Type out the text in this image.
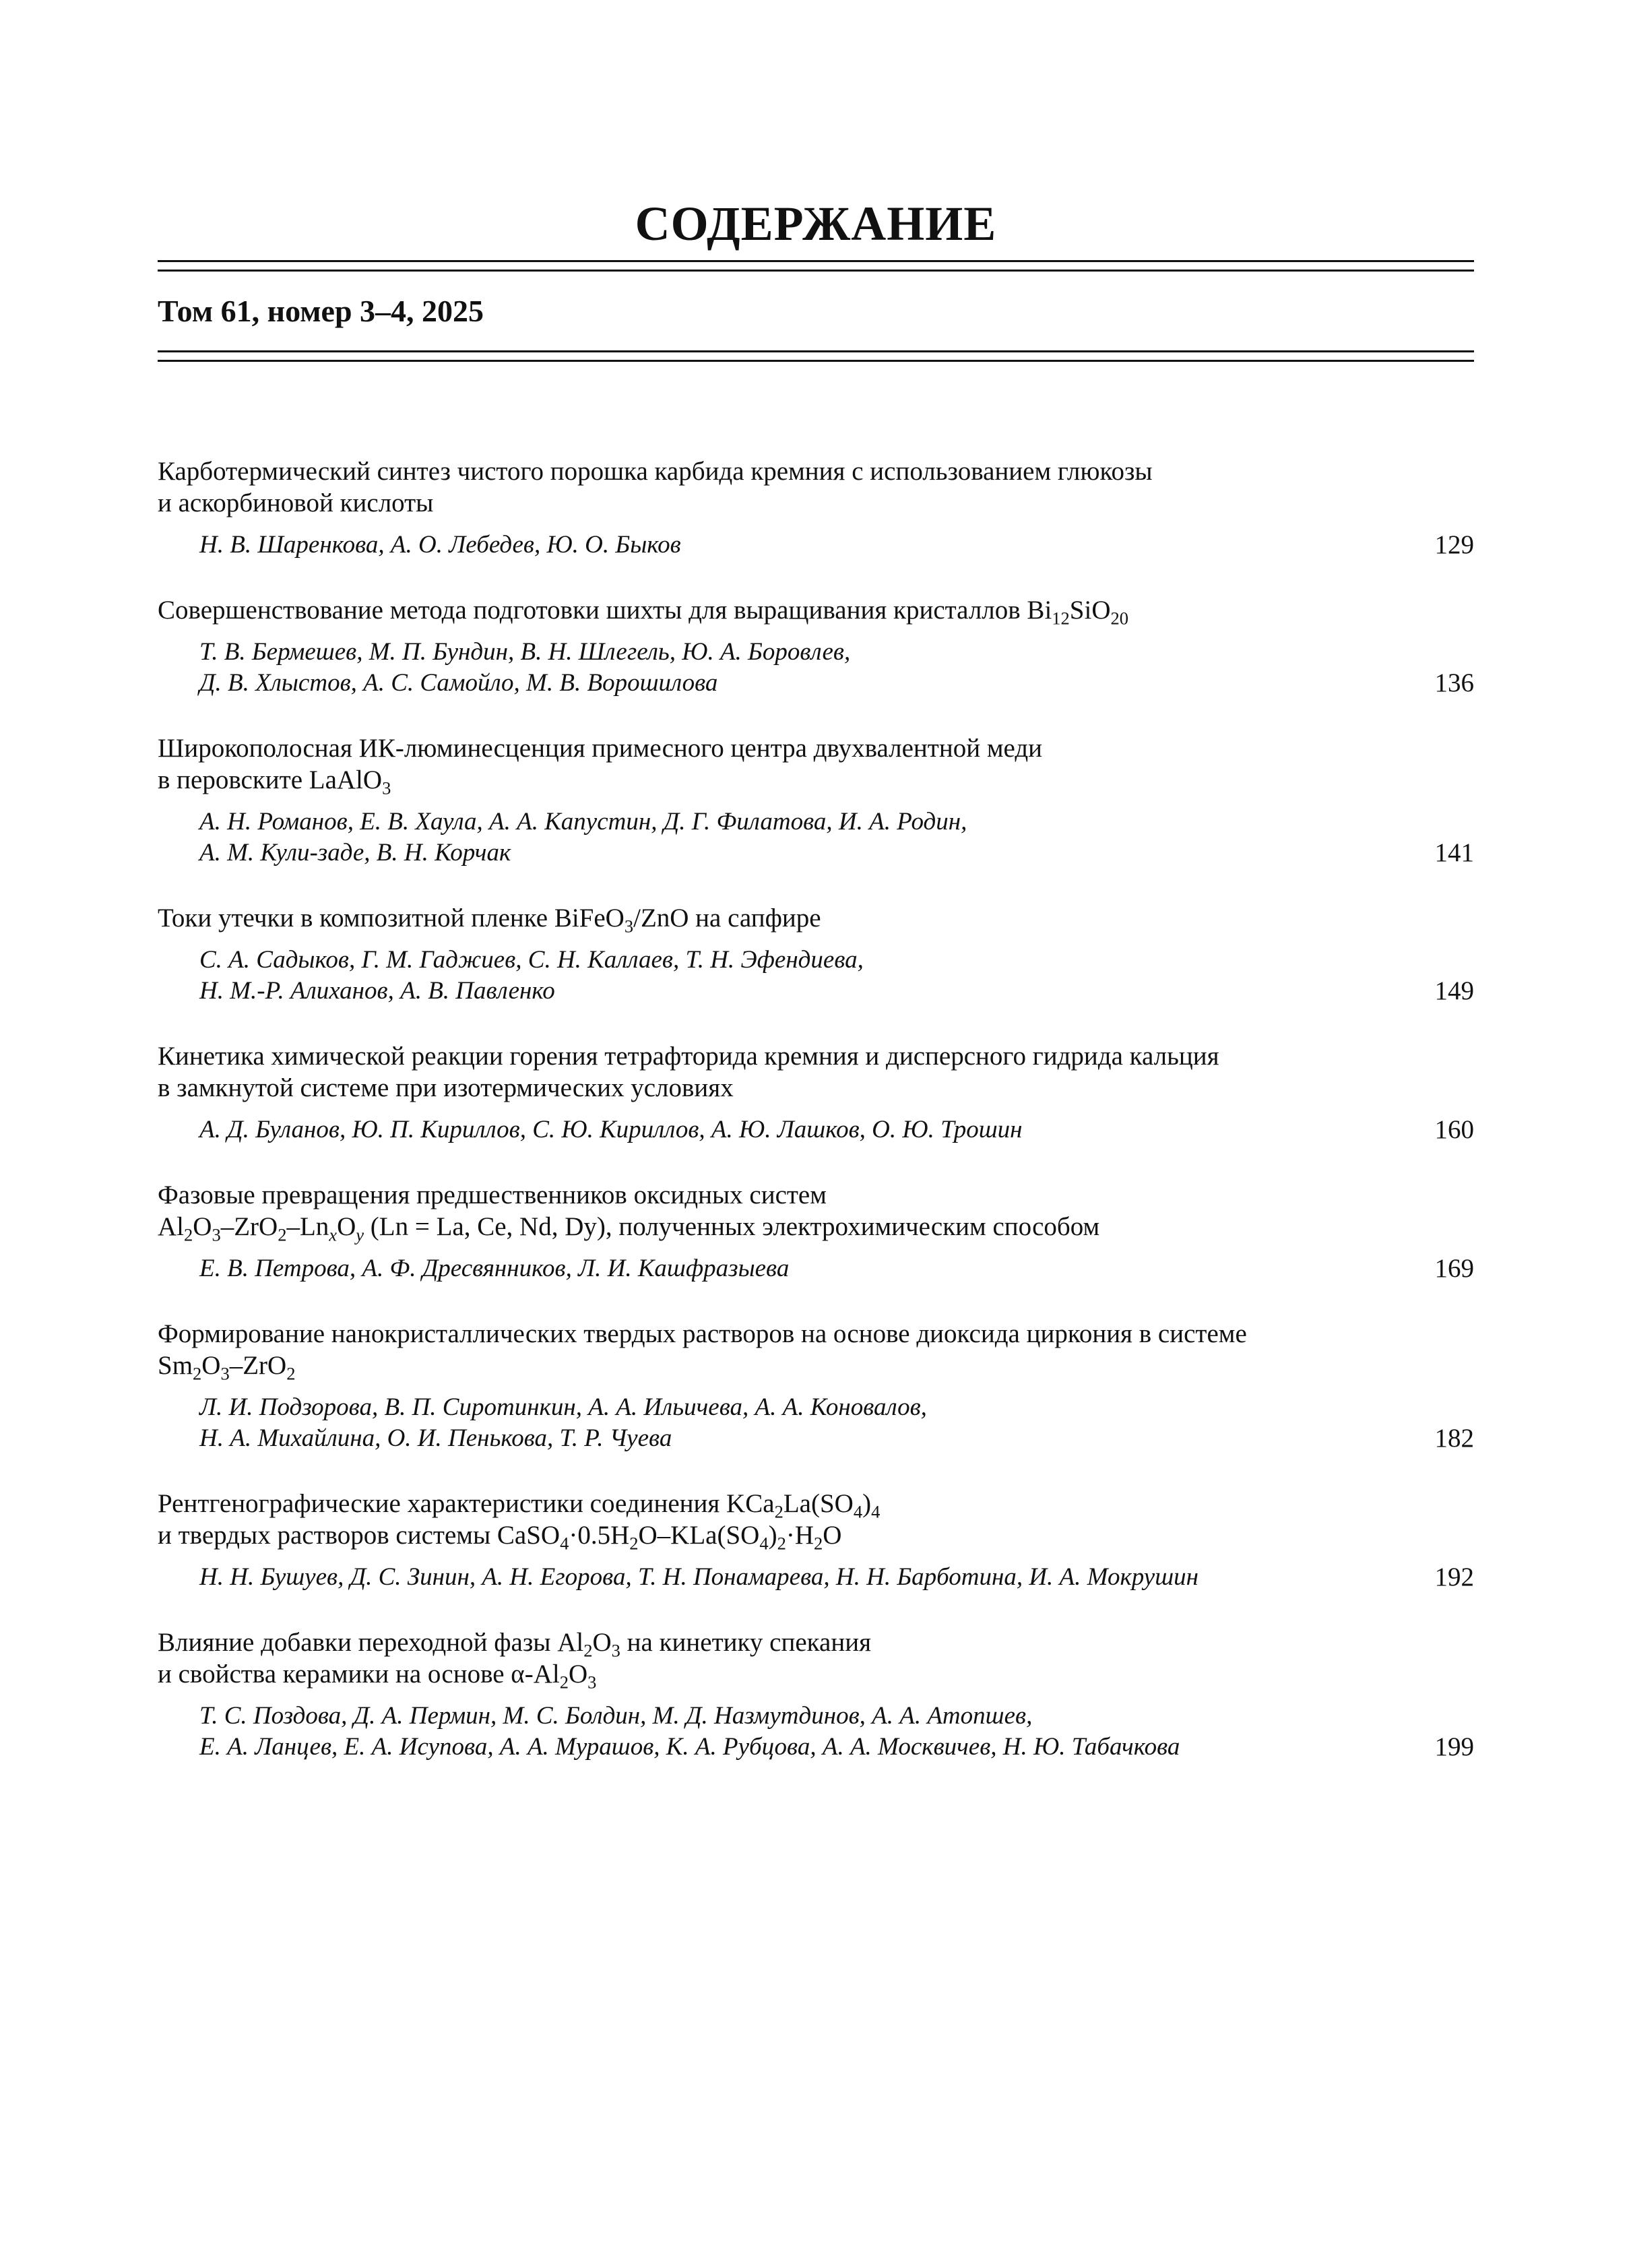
СОДЕРЖАНИЕ
Том 61, номер 3–4, 2025
Карботермический синтез чистого порошка карбида кремния с использованием глюкозы
и аскорбиновой кислоты
Н. В. Шаренкова, А. О. Лебедев, Ю. О. Быков	129
Совершенствование метода подготовки шихты для выращивания кристаллов $Bi_{12}SiO_{20}$
Т. В. Бермешев, М. П. Бундин, В. Н. Шлегель, Ю. А. Боровлев,
Д. В. Хлыстов, А. С. Самойло, М. В. Ворошилова	136
Широкополосная ИК-люминесценция примесного центра двухвалентной меди
в перовските LaAlO$_3$
А. Н. Романов, Е. В. Хаула, А. А. Капустин, Д. Г. Филатова, И. А. Родин,
А. М. Кули-заде, В. Н. Корчак	141
Токи утечки в композитной пленке BiFeO$_3$/ZnO на сапфире
С. А. Садыков, Г. М. Гаджиев, С. Н. Каллаев, Т. Н. Эфендиева,
Н. М.-Р. Алиханов, А. В. Павленко	149
Кинетика химической реакции горения тетрафторида кремния и дисперсного гидрида кальция
в замкнутой системе при изотермических условиях
А. Д. Буланов, Ю. П. Кириллов, С. Ю. Кириллов, А. Ю. Лашков, О. Ю. Трошин	160
Фазовые превращения предшественников оксидных систем
$Al_2O_3-ZrO_2-Ln_xO_y$ (Ln = La, Ce, Nd, Dy), полученных электрохимическим способом
Е. В. Петрова, А. Ф. Дресвянников, Л. И. Кашфразыева	169
Формирование нанокристаллических твердых растворов на основе диоксида циркония в системе
$Sm_2O_3-ZrO_2$
Л. И. Подзорова, В. П. Сиротинкин, А. А. Ильичева, А. А. Коновалов,
Н. А. Михайлина, О. И. Пенькова, Т. Р. Чуева	182
Рентгенографические характеристики соединения $KCa_2La(SO_4)_4$
и твердых растворов системы $CaSO_4\cdot 0.5H_2O-KLa(SO_4)_2\cdot H_2O$
Н. Н. Бушуев, Д. С. Зинин, А. Н. Егорова, Т. Н. Понамарева, Н. Н. Барботина, И. А. Мокрушин	192
Влияние добавки переходной фазы $Al_2O_3$ на кинетику спекания
и свойства керамики на основе $\alpha-Al_2O_3$
Т. С. Поздова, Д. А. Пермин, М. С. Болдин, М. Д. Назмутдинов, А. А. Атопшев,
Е. А. Ланцев, Е. А. Исупова, А. А. Мурашов, К. А. Рубцова, А. А. Москвичев, Н. Ю. Табачкова	199
